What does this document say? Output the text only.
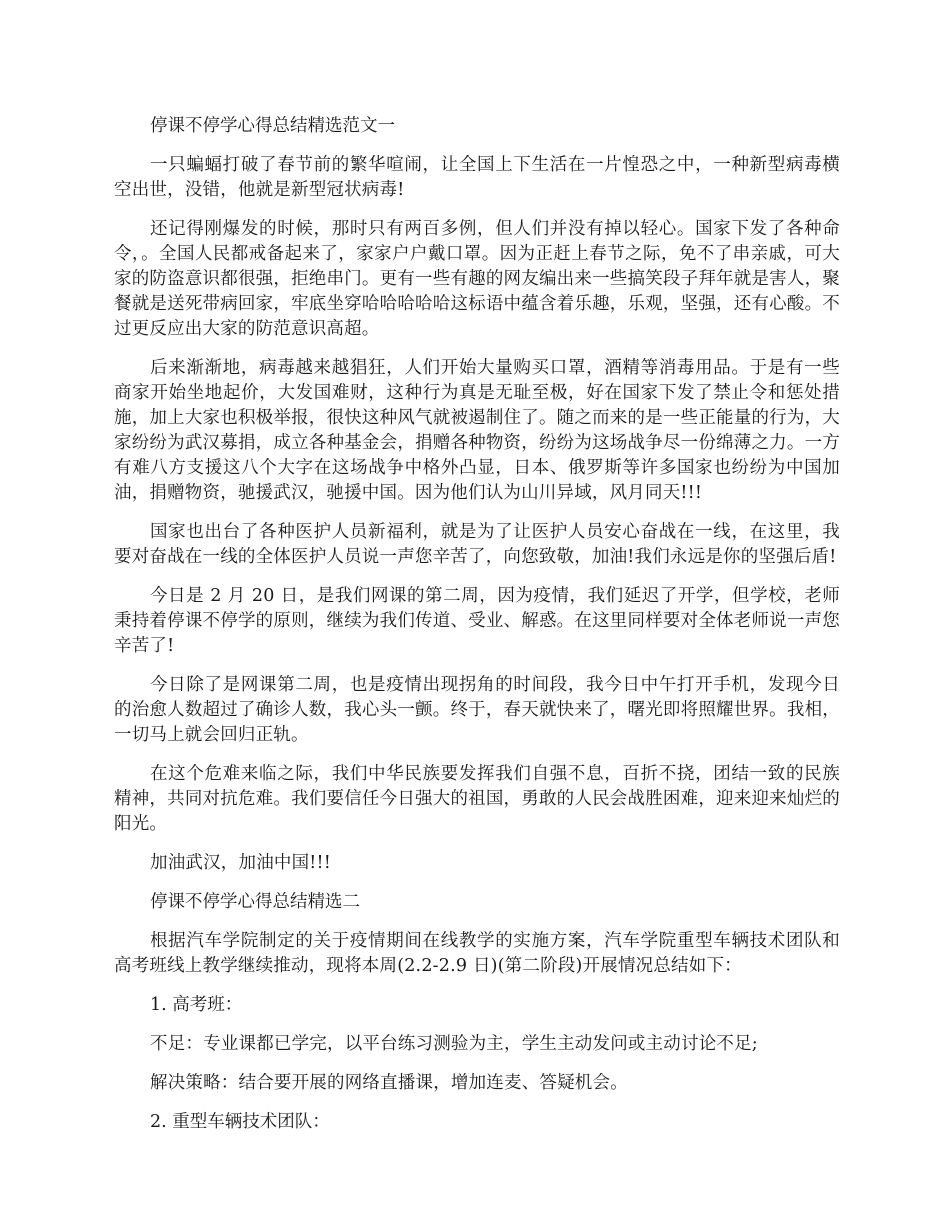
停课不停学心得总结精选范文一

一只蝙蝠打破了春节前的繁华喧闹，让全国上下生活在一片惶恐之中，一种新型病毒横空出世，没错，他就是新型冠状病毒!

还记得刚爆发的时候，那时只有两百多例，但人们并没有掉以轻心。国家下发了各种命令，。全国人民都戒备起来了，家家户户戴口罩。因为正赶上春节之际，免不了串亲戚，可大家的防盗意识都很强，拒绝串门。更有一些有趣的网友编出来一些搞笑段子拜年就是害人，聚餐就是送死带病回家，牢底坐穿哈哈哈哈哈这标语中蕴含着乐趣，乐观，坚强，还有心酸。不过更反应出大家的防范意识高超。

后来渐渐地，病毒越来越猖狂，人们开始大量购买口罩，酒精等消毒用品。于是有一些商家开始坐地起价，大发国难财，这种行为真是无耻至极，好在国家下发了禁止令和惩处措施，加上大家也积极举报，很快这种风气就被遏制住了。随之而来的是一些正能量的行为，大家纷纷为武汉募捐，成立各种基金会，捐赠各种物资，纷纷为这场战争尽一份绵薄之力。一方有难八方支援这八个大字在这场战争中格外凸显，日本、俄罗斯等许多国家也纷纷为中国加油，捐赠物资，驰援武汉，驰援中国。因为他们认为山川异域，风月同天!!!

国家也出台了各种医护人员新福利，就是为了让医护人员安心奋战在一线，在这里，我要对奋战在一线的全体医护人员说一声您辛苦了，向您致敬，加油!我们永远是你的坚强后盾!

今日是 2 月 20 日，是我们网课的第二周，因为疫情，我们延迟了开学，但学校，老师秉持着停课不停学的原则，继续为我们传道、受业、解惑。在这里同样要对全体老师说一声您辛苦了!

今日除了是网课第二周，也是疫情出现拐角的时间段，我今日中午打开手机，发现今日的治愈人数超过了确诊人数，我心头一颤。终于，春天就快来了，曙光即将照耀世界。我相，一切马上就会回归正轨。

在这个危难来临之际，我们中华民族要发挥我们自强不息，百折不挠，团结一致的民族精神，共同对抗危难。我们要信任今日强大的祖国，勇敢的人民会战胜困难，迎来迎来灿烂的阳光。

加油武汉，加油中国!!!

停课不停学心得总结精选二

根据汽车学院制定的关于疫情期间在线教学的实施方案，汽车学院重型车辆技术团队和高考班线上教学继续推动，现将本周(2.2-2.9 日)(第二阶段)开展情况总结如下：

1. 高考班：

不足：专业课都已学完，以平台练习测验为主，学生主动发问或主动讨论不足;

解决策略：结合要开展的网络直播课，增加连麦、答疑机会。

2. 重型车辆技术团队：
